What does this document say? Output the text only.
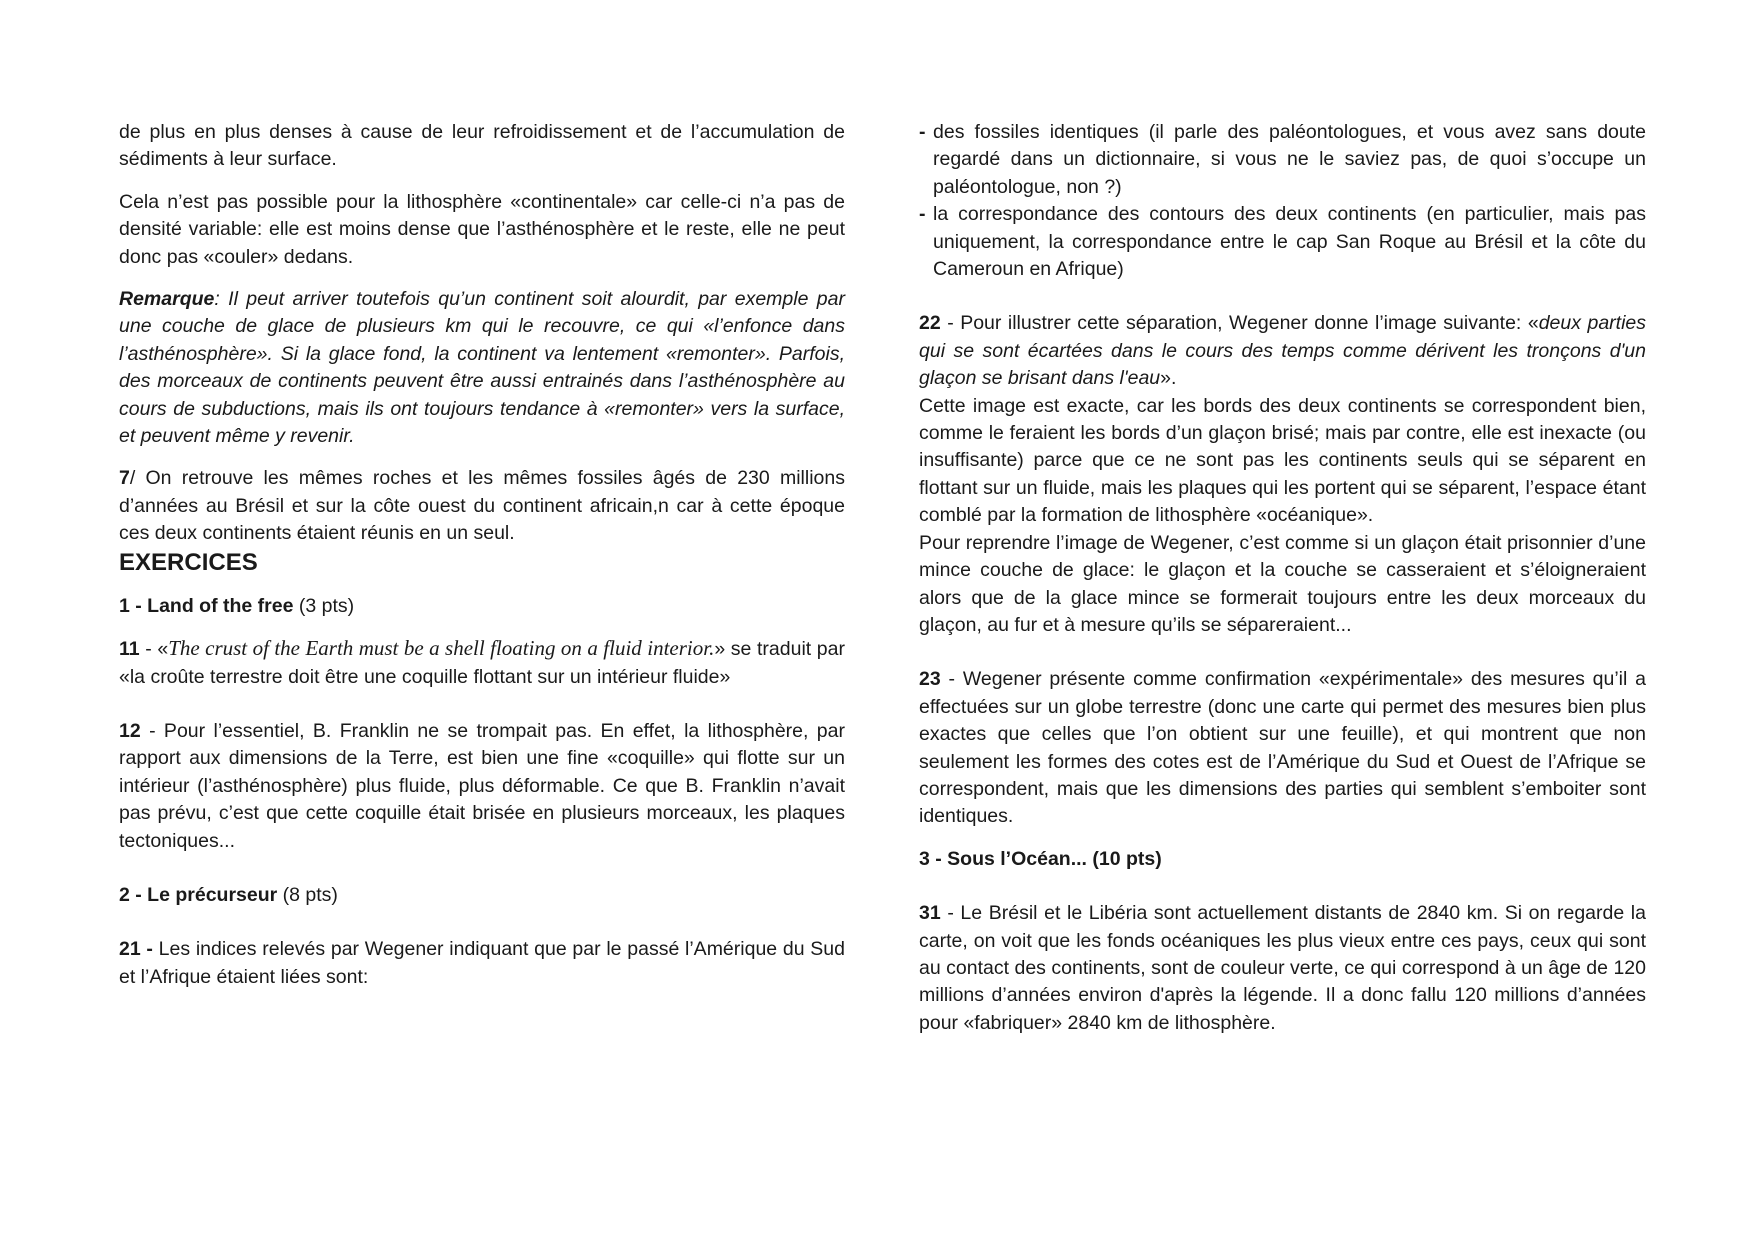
de plus en plus denses à cause de leur refroidissement et de l’accumulation de sédiments à leur surface.

Cela n’est pas possible pour la lithosphère «continentale» car celle-ci n’a pas de densité variable: elle est moins dense que l’asthénosphère et le reste, elle ne peut donc pas «couler» dedans.

Remarque: Il peut arriver toutefois qu’un continent soit alourdit, par exemple par une couche de glace de plusieurs km qui le recouvre, ce qui «l’enfonce dans l’asthénosphère». Si la glace fond, la continent va lentement «remonter». Parfois, des morceaux de continents peuvent être aussi entrainés dans l’asthénosphère au cours de subductions, mais ils ont toujours tendance à «remonter» vers la surface, et peuvent même y revenir.

7/ On retrouve les mêmes roches et les mêmes fossiles âgés de 230 millions d’années au Brésil et sur la côte ouest du continent africain,n car à cette époque ces deux continents étaient réunis en un seul.

EXERCICES

1 - Land of the free (3 pts)

11 - «The crust of the Earth must be a shell floating on a fluid interior.» se traduit par «la croûte terrestre doit être une coquille flottant sur un intérieur fluide»

12 - Pour l’essentiel, B. Franklin ne se trompait pas. En effet, la lithosphère, par rapport aux dimensions de la Terre, est bien une fine «coquille» qui flotte sur un intérieur (l’asthénosphère) plus fluide, plus déformable. Ce que B. Franklin n’avait pas prévu, c’est que cette coquille était brisée en plusieurs morceaux, les plaques tectoniques...

2 - Le précurseur (8 pts)

21 - Les indices relevés par Wegener indiquant que par le passé l’Amérique du Sud et l’Afrique étaient liées sont:

- des fossiles identiques (il parle des paléontologues, et vous avez sans doute regardé dans un dictionnaire, si vous ne le saviez pas, de quoi s’occupe un paléontologue, non ?)
- la correspondance des contours des deux continents (en particulier, mais pas uniquement, la correspondance entre le cap San Roque au Brésil et la côte du Cameroun en Afrique)

22 - Pour illustrer cette séparation, Wegener donne l’image suivante: «deux parties qui se sont écartées dans le cours des temps comme dérivent les tronçons d'un glaçon se brisant dans l'eau».

Cette image est exacte, car les bords des deux continents se correspondent bien, comme le feraient les bords d’un glaçon brisé; mais par contre, elle est inexacte (ou insuffisante) parce que ce ne sont pas les continents seuls qui se séparent en flottant sur un fluide, mais les plaques qui les portent qui se séparent, l’espace étant comblé par la formation de lithosphère «océanique».

Pour reprendre l’image de Wegener, c’est comme si un glaçon était prisonnier d’une mince couche de glace: le glaçon et la couche se casseraient et s’éloigneraient alors que de la glace mince se formerait toujours entre les deux morceaux du glaçon, au fur et à mesure qu’ils se sépareraient...

23 - Wegener présente comme confirmation «expérimentale» des mesures qu’il a effectuées sur un globe terrestre (donc une carte qui permet des mesures bien plus exactes que celles que l’on obtient sur une feuille), et qui montrent que non seulement les formes des cotes est de l’Amérique du Sud et Ouest de l’Afrique se correspondent, mais que les dimensions des parties qui semblent s’emboiter sont identiques.

3 - Sous l’Océan... (10 pts)

31 - Le Brésil et le Libéria sont actuellement distants de 2840 km. Si on regarde la carte, on voit que les fonds océaniques les plus vieux entre ces pays, ceux qui sont au contact des continents, sont de couleur verte, ce qui correspond à un âge de 120 millions d’années environ d'après la légende. Il a donc fallu 120 millions d’années pour «fabriquer» 2840 km de lithosphère.
